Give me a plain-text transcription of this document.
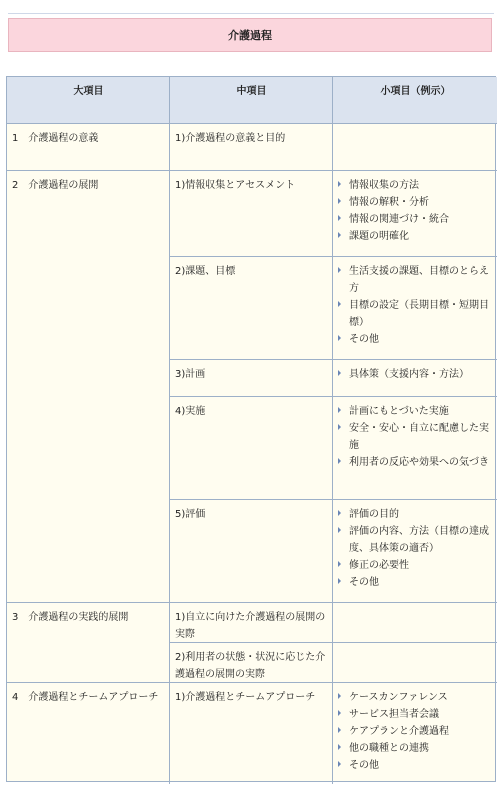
介護過程
大項目	中項目	小項目（例示）
1　介護過程の意義	1)介護過程の意義と目的
2　介護過程の展開	1)情報収集とアセスメント	情報収集の方法
情報の解釈・分析
情報の関連づけ・統合
課題の明確化
2)課題、目標	生活支援の課題、目標のとらえ方
目標の設定（長期目標・短期目標）
その他
3)計画	具体策（支援内容・方法）
4)実施	計画にもとづいた実施
安全・安心・自立に配慮した実施
利用者の反応や効果への気づき
5)評価	評価の目的
評価の内容、方法（目標の達成度、具体策の適否）
修正の必要性
その他
3　介護過程の実践的展開	1)自立に向けた介護過程の展開の実際
2)利用者の状態・状況に応じた介護過程の展開の実際
4　介護過程とチームアプローチ	1)介護過程とチームアプローチ	ケースカンファレンス
サービス担当者会議
ケアプランと介護過程
他の職種との連携
その他
